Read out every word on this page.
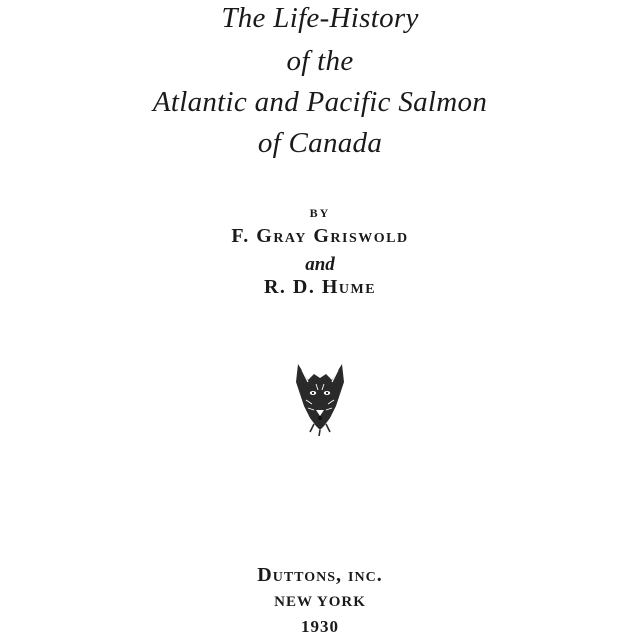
The Life-History
of the
Atlantic and Pacific Salmon
of Canada
BY
F. Gray Griswold
and
R. D. Hume
Duttons, inc.
NEW YORK
1930
